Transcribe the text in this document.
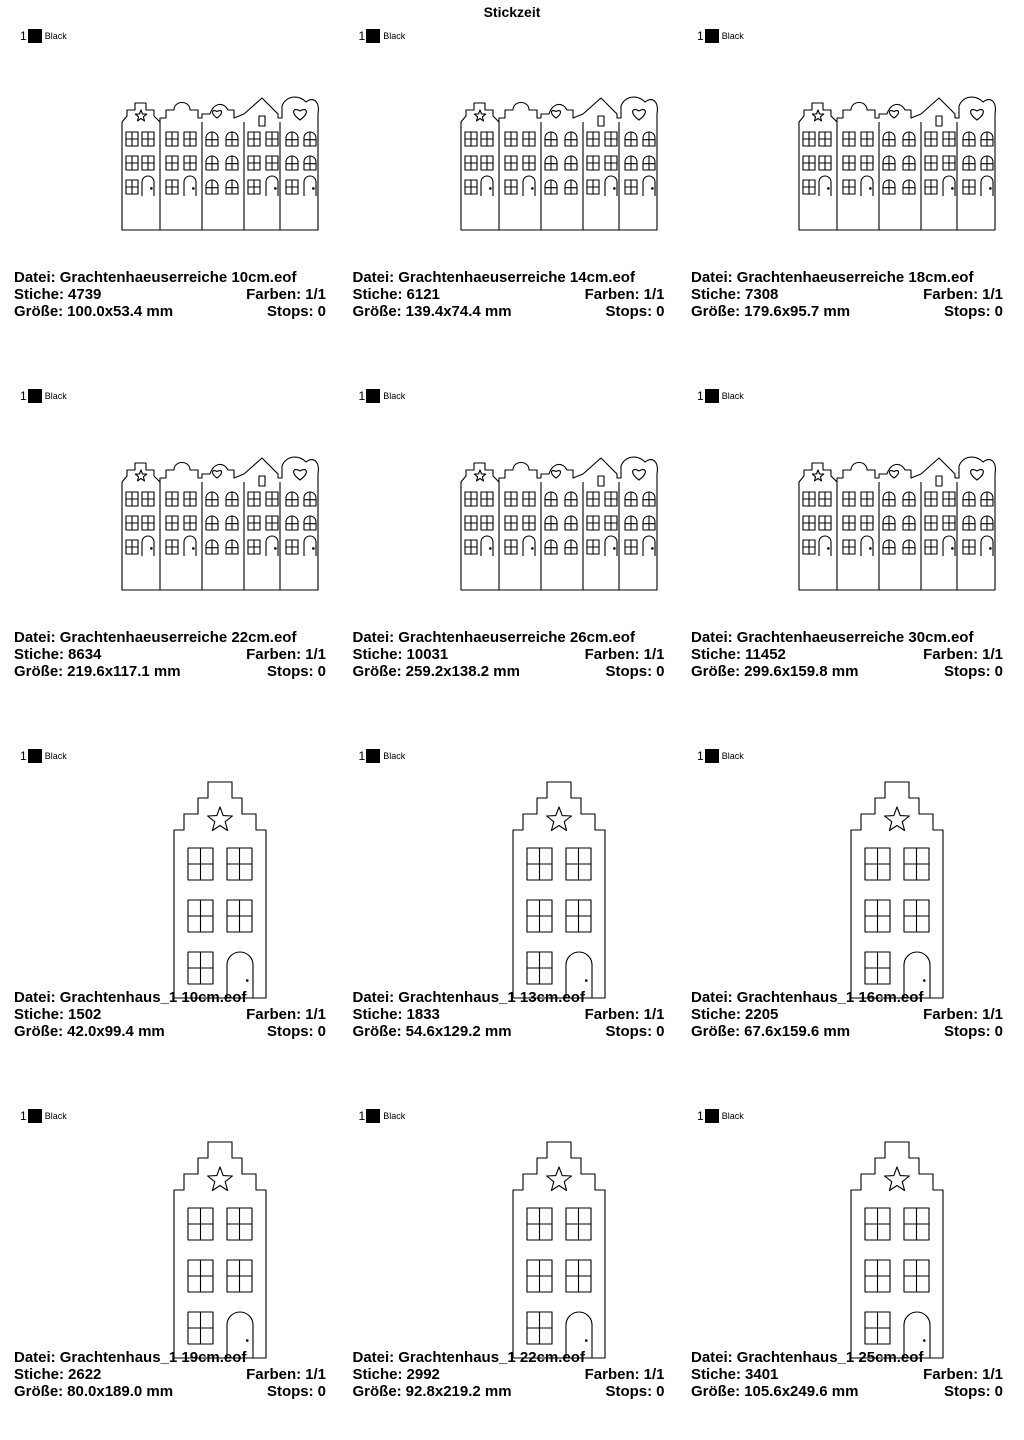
Stickzeit
1 Black
Datei: Grachtenhaeuserreiche 10cm.eof
Stiche: 4739	Farben: 1/1
Größe: 100.0x53.4 mm	Stops: 0
1 Black
Datei: Grachtenhaeuserreiche 14cm.eof
Stiche: 6121	Farben: 1/1
Größe: 139.4x74.4 mm	Stops: 0
1 Black
Datei: Grachtenhaeuserreiche 18cm.eof
Stiche: 7308	Farben: 1/1
Größe: 179.6x95.7 mm	Stops: 0
1 Black
Datei: Grachtenhaeuserreiche 22cm.eof
Stiche: 8634	Farben: 1/1
Größe: 219.6x117.1 mm	Stops: 0
1 Black
Datei: Grachtenhaeuserreiche 26cm.eof
Stiche: 10031	Farben: 1/1
Größe: 259.2x138.2 mm	Stops: 0
1 Black
Datei: Grachtenhaeuserreiche 30cm.eof
Stiche: 11452	Farben: 1/1
Größe: 299.6x159.8 mm	Stops: 0
1 Black
Datei: Grachtenhaus_1 10cm.eof
Stiche: 1502	Farben: 1/1
Größe: 42.0x99.4 mm	Stops: 0
1 Black
Datei: Grachtenhaus_1 13cm.eof
Stiche: 1833	Farben: 1/1
Größe: 54.6x129.2 mm	Stops: 0
1 Black
Datei: Grachtenhaus_1 16cm.eof
Stiche: 2205	Farben: 1/1
Größe: 67.6x159.6 mm	Stops: 0
1 Black
Datei: Grachtenhaus_1 19cm.eof
Stiche: 2622	Farben: 1/1
Größe: 80.0x189.0 mm	Stops: 0
1 Black
Datei: Grachtenhaus_1 22cm.eof
Stiche: 2992	Farben: 1/1
Größe: 92.8x219.2 mm	Stops: 0
1 Black
Datei: Grachtenhaus_1 25cm.eof
Stiche: 3401	Farben: 1/1
Größe: 105.6x249.6 mm	Stops: 0
